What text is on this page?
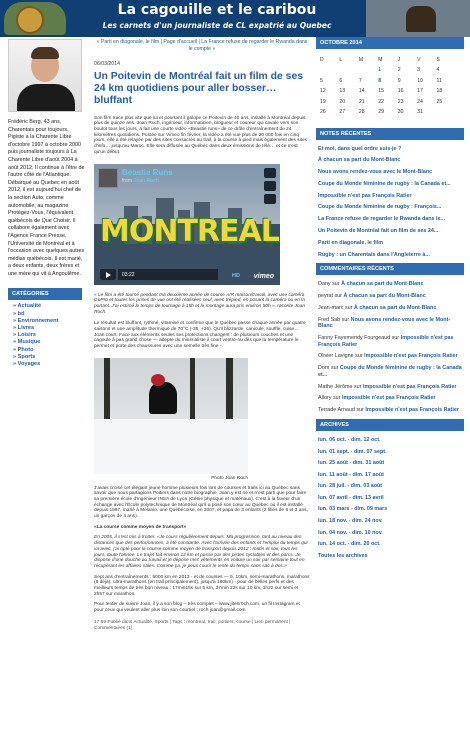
La cagouille et le caribou
Les carnets d'un journaliste de CL expatrié au Quebec

Frédéric Berg, 43 ans, Charentais pour toujours. Pigiste à la Charente Libre d'octobre 1997 à octobre 2000 puis journaliste toujours à La Charente Libre d'août 2004 à août 2012. Il continue à l'être de l'autre côté de l'Atlantique. Débarqué au Quebec en août 2012, il est aujourd'hui chef de la section Auto, comme automobile, au magazine Protégez-Vous, l'équivalent québécois de Que Choisir. Il collabore également avec l'Agence France Presse, l'Université de Montréal et à l'occasion avec quelques autres médias québécois. Il est marié, a deux enfants, deux frères et une mère qui vit à Angoulême.

CATÉGORIES
» Actualité
» bd
» Environnement
» Livres
» Loisirs
» Musique
» Photo
» Sports
» Voyages
« Parti en diagonale, le film | Page d'accueil | La France refuse de regarder le Rwanda dans le compte »
06/03/2014
Un Poitevin de Montréal fait un film de ses 24 km quotidiens pour aller bosser… bluffant

Son film trace plus vite que lui et pourtant il galope ce Poitevin de 40 ans, installé à Montréal depuis plus de quinze ans. Joan Roch, ingénieur, informaticien, blogueur et coureur qui cavale vers son boulot tous les jours, a fait une courte vidéo «Beastie runs» de ce drôle d'entraînement de 24 kilomètres quotidiens. Postée sur Vimeo fin février, la vidéo a été vue plus de 20 000 fois en cinq jours, elle a été relayée par des sites consacrés au trail, à la course à pied mais également des sites d'info… jusqu'au Maroc. Elle sera diffusée au Québec dans deux émissions de télé… et ce n'est qu'un début.

Beastie Runs
from Joan Roch
MONTREAL
03:22	HD vimeo

« Le film a été tourné pendant ma deuxième année de course A/R maison/travail, avec une caméra GoPro et toutes les prises de vue ont été réalisées seul, avec trépied, en posant la caméra ou en la portant. J'ai estimé le temps de tournage à 15h et le montage aura pris environ 50h », raconte Joan Roch.

Le résultat est bluffant, rythmé, vitaminé et confirme que le Québec passe chaque année par quatre saisons et une amplitude thermique de 70°C (-35, +35). Qu'il blizzarde, canicule, souffle, cuise… Joan court. Face aux éléments seules ses protections changent : de plusieurs couches et une cagoule à pas grand chose — adepte du minimaliste il court ventre-nu dès que la température le permet et porte des chaussures avec une semelle très fine -.

Photo Joan Roch

J'avais croisé cet élégant jeune homme plusieurs fois lors de courses et trails ici au Québec sans savoir que nous partagions Poitiers dans notre biographie. Joan y est né et n'est parti que pour faire sa première école d'ingénieur INSA de Lyon (Génie physique et matériaux). C'est à la faveur d'un échange avec l'École polytechnique de Montréal qu'il a posé son cœur au Québec où il est installé depuis 1997, marié à Mélanie, une Québécoise, en 2007, et papa de 3 enfants (2 filles de 6 et 3 ans, un garçon de 4 ans).

«La course comme moyen de transport»

En 2005, il s'est mis à trotter. «Je cours régulièrement depuis. Ma progression, tant au niveau des distances que des performances, a été constante. Avec l'arrivée des enfants et l'emploi du temps qui va avec, j'ai opté pour la course comme moyen de transport depuis 2012 : matin et soir, tous les jours, toute l'année. Le trajet fait environ 12 km et passe par des pistes cyclables et des parcs. Je dispose d'une douche au travail et je dépose mes vêtements en voiture un soir par semaine tout en récupérant les affaires sales. Comme ça, je peux courir le reste du temps sans sac à dos.»

Sept ans d'entraînements : 5000 km en 2013 - et de courses — 5, 10km, semi-marathons, marathons (8 déjà), ultra-marathons (en trail principalement), jusqu'à 160km) - pour de belles perfs et des meilleurs temps de très bon niveau : 17min15s sur 5 km, 37min 22s sur 10 km, 1h22 sur semi et 2h57 sur marathon.

Pour tenter de suivre Joan, il y a son blog – très complet – www.jitenr0ch.com, un fil Instagram et pour ceux qui veulent aller plus loin son courriel : roch.joan@gmail.com

17:59 Publié dans Actualité, Sports | Tags : montreal, trail, poitiers, course | Lien permanent | Commentaires (1)

OCTOBRE 2014
D	L	M	M	J	V	S
			1	2	3	4
5	6	7	8	9	10	11
12	13	14	15	16	17	18
19	20	21	22	23	24	25
26	27	28	29	30	31	
NOTES RÉCENTES
Et moi, dans quel ordre suis-je ?
À chacun sa part du Mont-Blanc
Nous avons rendez-vous avec le Mont-Blanc
Coupe du Monde féminine de rugby : la Canada et...
Impossible n'est pas François Ratier
Coupe du Monde féminine de rugby : François...
La France refuse de regarder le Rwanda dans le...
Un Poitevin de Montréal fait un film de ses 24...
Parti en diagonale, le film
Rugby : un Charentais dans l'Angleterre à...
COMMENTAIRES RÉCENTS
Dany sur À chacun sa part du Mont-Blanc
peyrat sur À chacun sa part du Mont-Blanc
Jean-marc sur À chacun sa part du Mont-Blanc
Fred Sab sur Nous avons rendez-vous avec le Mont-Blanc
Fanny Fayemendy Fourgeaud sur Impossible n'est pas François Ratier
Olivier Lavigne sur Impossible n'est pas François Ratier
Dom sur Coupe du Monde féminine de rugby : la Canada et...
Mathe Jérôme sur Impossible n'est pas François Ratier
Allory sur Impossible n'est pas François Ratier
Terrade Arnaud sur Impossible n'est pas François Ratier
ARCHIVES
lun. 06 oct. - dim. 12 oct.
lun. 01 sept. - dim. 07 sept.
lun. 25 août - dim. 31 août
lun. 11 août - dim. 17 août
lun. 28 juil. - dim. 03 août
lun. 07 avril - dim. 13 avril
lun. 03 mars - dim. 09 mars
lun. 18 nov. - dim. 24 nov.
lun. 04 nov. - dim. 10 nov.
lun. 14 oct. - dim. 20 oct.
Toutes les archives
